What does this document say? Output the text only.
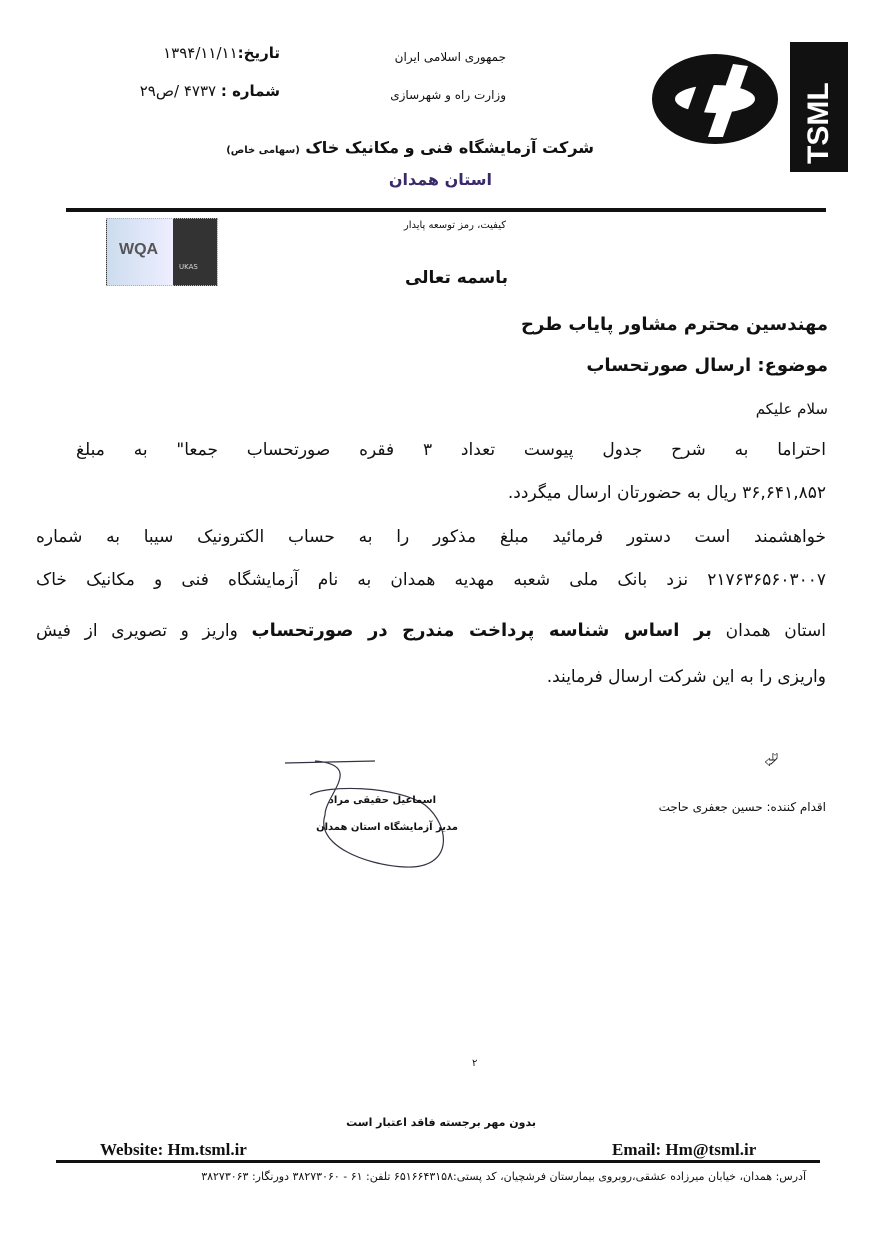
TSML
جمهوری اسلامی ایران
وزارت راه و شهرسازی
تاریخ:۱۳۹۴/۱۱/۱۱
شماره : ۴۷۳۷ /ص۲۹
شرکت آزمایشگاه فنی و مکانیک خاک (سهامی خاص)
استان همدان
کیفیت، رمز توسعه پایدار
WQA
UKAS
باسمه تعالی
مهندسین محترم مشاور پایاب طرح
موضوع: ارسال صورتحساب
سلام علیکم
احتراما به شرح جدول پیوست تعداد ۳ فقره صورتحساب جمعا" به مبلغ
۳۶,۶۴۱,۸۵۲ ریال به حضورتان ارسال میگردد.
خواهشمند است دستور فرمائید مبلغ مذکور را به حساب الکترونیک سیبا به شماره
۲۱۷۶۳۶۵۶۰۳۰۰۷ نزد بانک ملی شعبه مهدیه همدان به نام آزمایشگاه فنی و مکانیک خاک
استان همدان بر اساس شناسه پرداخت مندرج در صورتحساب واریز و تصویری از فیش
واریزی را به این شرکت ارسال فرمایند.
⮰
اقدام کننده: حسین جعفری حاجت
اسماعیل حقیقی مراد
مدیر آزمایشگاه استان همدان
۲
بدون مهر برجسته فاقد اعتبار است
Website: Hm.tsml.ir	Email: Hm@tsml.ir
آدرس: همدان، خیابان میرزاده عشقی،روبروی بیمارستان فرشچیان، کد پستی:۶۵۱۶۶۴۳۱۵۸ تلفن: ۶۱ - ۳۸۲۷۳۰۶۰ دورنگار: ۳۸۲۷۳۰۶۳
